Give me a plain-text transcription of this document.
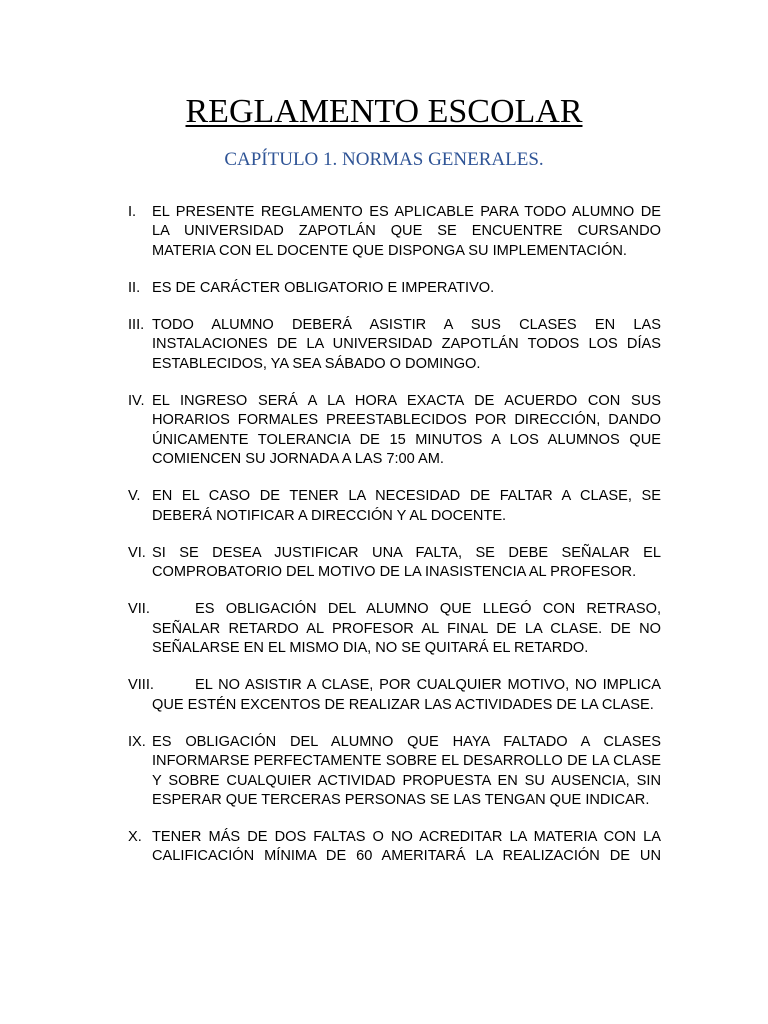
REGLAMENTO ESCOLAR
CAPÍTULO 1. NORMAS GENERALES.
I. EL PRESENTE REGLAMENTO ES APLICABLE PARA TODO ALUMNO DE LA UNIVERSIDAD ZAPOTLÁN QUE SE ENCUENTRE CURSANDO MATERIA CON EL DOCENTE QUE DISPONGA SU IMPLEMENTACIÓN.
II. ES DE CARÁCTER OBLIGATORIO E IMPERATIVO.
III. TODO ALUMNO DEBERÁ ASISTIR A SUS CLASES EN LAS INSTALACIONES DE LA UNIVERSIDAD ZAPOTLÁN TODOS LOS DÍAS ESTABLECIDOS, YA SEA SÁBADO O DOMINGO.
IV. EL INGRESO SERÁ A LA HORA EXACTA DE ACUERDO CON SUS HORARIOS FORMALES PREESTABLECIDOS POR DIRECCIÓN, DANDO ÚNICAMENTE TOLERANCIA DE 15 MINUTOS A LOS ALUMNOS QUE COMIENCEN SU JORNADA A LAS 7:00 AM.
V. EN EL CASO DE TENER LA NECESIDAD DE FALTAR A CLASE, SE DEBERÁ NOTIFICAR A DIRECCIÓN Y AL DOCENTE.
VI. SI SE DESEA JUSTIFICAR UNA FALTA, SE DEBE SEÑALAR EL COMPROBATORIO DEL MOTIVO DE LA INASISTENCIA AL PROFESOR.
VII.	ES OBLIGACIÓN DEL ALUMNO QUE LLEGÓ CON RETRASO, SEÑALAR RETARDO AL PROFESOR AL FINAL DE LA CLASE. DE NO SEÑALARSE EN EL MISMO DIA, NO SE QUITARÁ EL RETARDO.
VIII.	EL NO ASISTIR A CLASE, POR CUALQUIER MOTIVO, NO IMPLICA QUE ESTÉN EXCENTOS DE REALIZAR LAS ACTIVIDADES DE LA CLASE.
IX. ES OBLIGACIÓN DEL ALUMNO QUE HAYA FALTADO A CLASES INFORMARSE PERFECTAMENTE SOBRE EL DESARROLLO DE LA CLASE Y SOBRE CUALQUIER ACTIVIDAD PROPUESTA EN SU AUSENCIA, SIN ESPERAR QUE TERCERAS PERSONAS SE LAS TENGAN QUE INDICAR.
X. TENER MÁS DE DOS FALTAS O NO ACREDITAR LA MATERIA CON LA CALIFICACIÓN MÍNIMA DE 60 AMERITARÁ LA REALIZACIÓN DE UN
